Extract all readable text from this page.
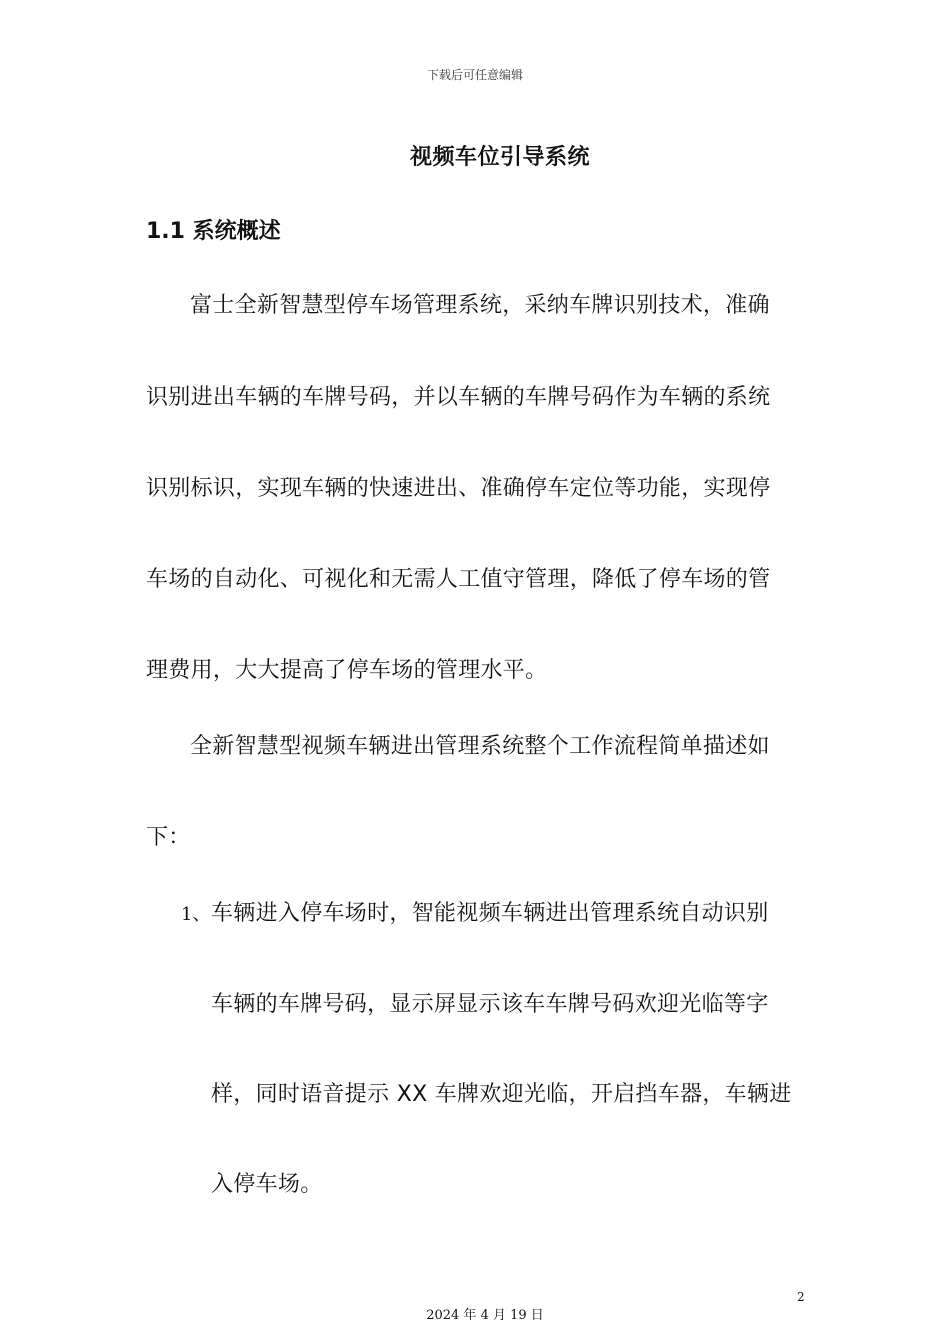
下载后可任意编辑
视频车位引导系统
1.1 系统概述
富士全新智慧型停车场管理系统，采纳车牌识别技术，准确
识别进出车辆的车牌号码，并以车辆的车牌号码作为车辆的系统
识别标识，实现车辆的快速进出、准确停车定位等功能，实现停
车场的自动化、可视化和无需人工值守管理，降低了停车场的管
理费用，大大提高了停车场的管理水平。
全新智慧型视频车辆进出管理系统整个工作流程简单描述如
下：
1、 车辆进入停车场时，智能视频车辆进出管理系统自动识别
车辆的车牌号码，显示屏显示该车车牌号码欢迎光临等字
样，同时语音提示 XX 车牌欢迎光临，开启挡车器，车辆进
入停车场。
2
2024 年 4 月 19 日
